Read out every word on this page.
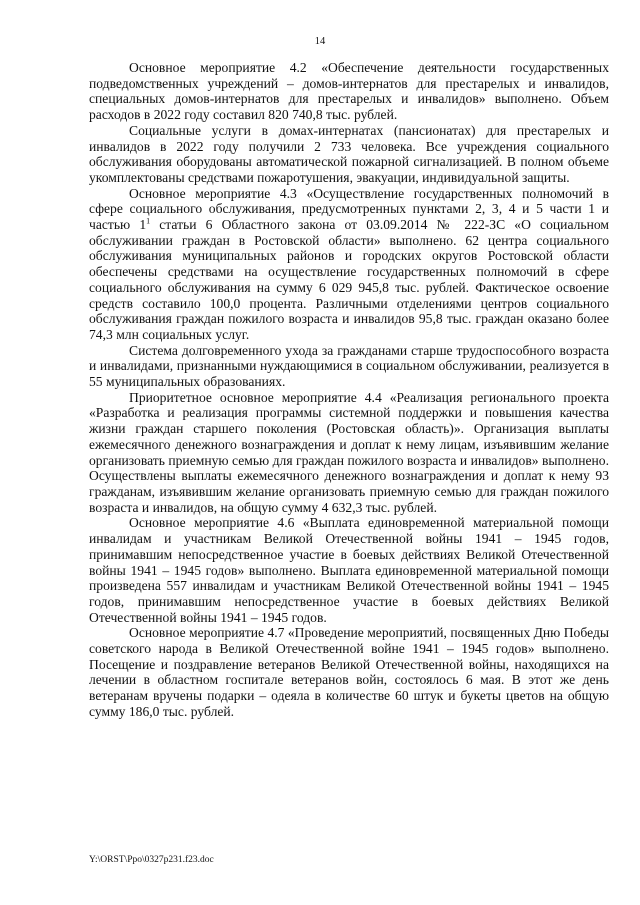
14

Основное мероприятие 4.2 «Обеспечение деятельности государственных подведомственных учреждений – домов-интернатов для престарелых и инвалидов, специальных домов-интернатов для престарелых и инвалидов» выполнено. Объем расходов в 2022 году составил 820 740,8 тыс. рублей.

Социальные услуги в домах-интернатах (пансионатах) для престарелых и инвалидов в 2022 году получили 2 733 человека. Все учреждения социального обслуживания оборудованы автоматической пожарной сигнализацией. В полном объеме укомплектованы средствами пожаротушения, эвакуации, индивидуальной защиты.

Основное мероприятие 4.3 «Осуществление государственных полномочий в сфере социального обслуживания, предусмотренных пунктами 2, 3, 4 и 5 части 1 и частью $1^1$ статьи 6 Областного закона от 03.09.2014 № 222-ЗС «О социальном обслуживании граждан в Ростовской области» выполнено. 62 центра социального обслуживания муниципальных районов и городских округов Ростовской области обеспечены средствами на осуществление государственных полномочий в сфере социального обслуживания на сумму 6 029 945,8 тыс. рублей. Фактическое освоение средств составило 100,0 процента. Различными отделениями центров социального обслуживания граждан пожилого возраста и инвалидов 95,8 тыс. граждан оказано более 74,3 млн социальных услуг.

Система долговременного ухода за гражданами старше трудоспособного возраста и инвалидами, признанными нуждающимися в социальном обслуживании, реализуется в 55 муниципальных образованиях.

Приоритетное основное мероприятие 4.4 «Реализация регионального проекта «Разработка и реализация программы системной поддержки и повышения качества жизни граждан старшего поколения (Ростовская область)». Организация выплаты ежемесячного денежного вознаграждения и доплат к нему лицам, изъявившим желание организовать приемную семью для граждан пожилого возраста и инвалидов» выполнено. Осуществлены выплаты ежемесячного денежного вознаграждения и доплат к нему 93 гражданам, изъявившим желание организовать приемную семью для граждан пожилого возраста и инвалидов, на общую сумму 4 632,3 тыс. рублей.

Основное мероприятие 4.6 «Выплата единовременной материальной помощи инвалидам и участникам Великой Отечественной войны 1941 – 1945 годов, принимавшим непосредственное участие в боевых действиях Великой Отечественной войны 1941 – 1945 годов» выполнено. Выплата единовременной материальной помощи произведена 557 инвалидам и участникам Великой Отечественной войны 1941 – 1945 годов, принимавшим непосредственное участие в боевых действиях Великой Отечественной войны 1941 – 1945 годов.

Основное мероприятие 4.7 «Проведение мероприятий, посвященных Дню Победы советского народа в Великой Отечественной войне 1941 – 1945 годов» выполнено. Посещение и поздравление ветеранов Великой Отечественной войны, находящихся на лечении в областном госпитале ветеранов войн, состоялось 6 мая. В этот же день ветеранам вручены подарки – одеяла в количестве 60 штук и букеты цветов на общую сумму 186,0 тыс. рублей.

Y:\ORST\Ppo\0327p231.f23.doc
